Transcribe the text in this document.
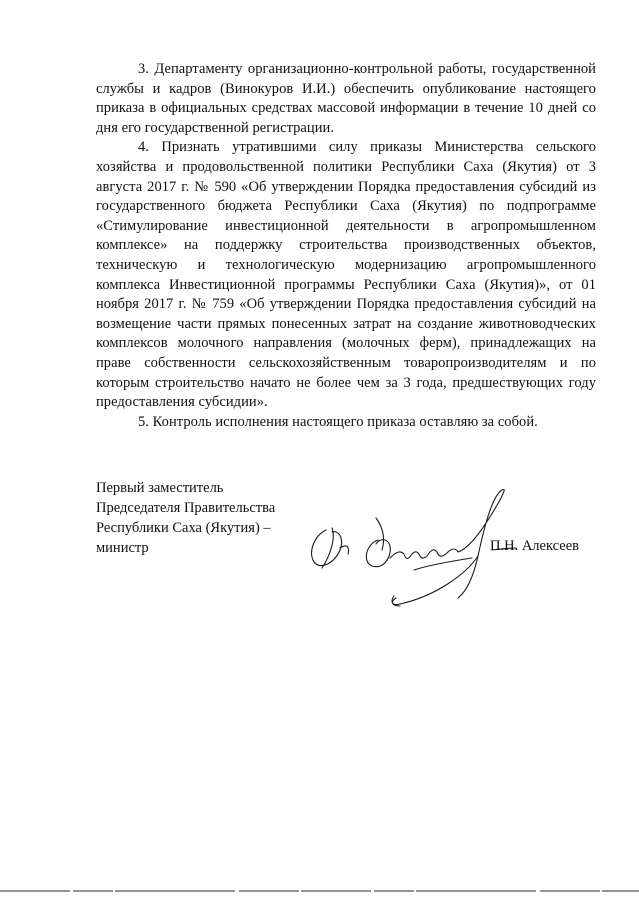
3. Департаменту организационно-контрольной работы, государственной службы и кадров (Винокуров И.И.) обеспечить опубликование настоящего приказа в официальных средствах массовой информации в течение 10 дней со дня его государственной регистрации.

4. Признать утратившими силу приказы Министерства сельского хозяйства и продовольственной политики Республики Саха (Якутия) от 3 августа 2017 г. № 590 «Об утверждении Порядка предоставления субсидий из государственного бюджета Республики Саха (Якутия) по подпрограмме «Стимулирование инвестиционной деятельности в агропромышленном комплексе» на поддержку строительства производственных объектов, техническую и технологическую модернизацию агропромышленного комплекса Инвестиционной программы Республики Саха (Якутия)», от 01 ноября 2017 г. № 759 «Об утверждении Порядка предоставления субсидий на возмещение части прямых понесенных затрат на создание животноводческих комплексов молочного направления (молочных ферм), принадлежащих на праве собственности сельскохозяйственным товаропроизводителям и по которым строительство начато не более чем за 3 года, предшествующих году предоставления субсидии».

5. Контроль исполнения настоящего приказа оставляю за собой.

Первый заместитель
Председателя Правительства
Республики Саха (Якутия) –
министр	П.Н. Алексеев
